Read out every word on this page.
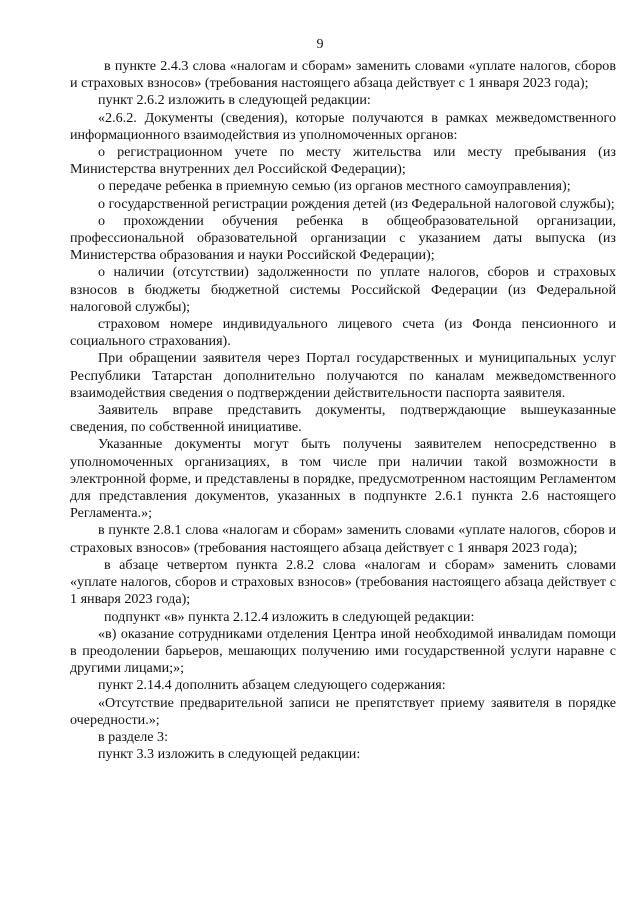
9

в пункте 2.4.3 слова «налогам и сборам» заменить словами «уплате налогов, сборов и страховых взносов» (требования настоящего абзаца действует с 1 января 2023 года);

пункт 2.6.2 изложить в следующей редакции:

«2.6.2. Документы (сведения), которые получаются в рамках межведомственного информационного взаимодействия из уполномоченных органов:

о регистрационном учете по месту жительства или месту пребывания (из Министерства внутренних дел Российской Федерации);

о передаче ребенка в приемную семью (из органов местного самоуправления);

о государственной регистрации рождения детей (из Федеральной налоговой службы);

о прохождении обучения ребенка в общеобразовательной организации, профессиональной образовательной организации с указанием даты выпуска (из Министерства образования и науки Российской Федерации);

о наличии (отсутствии) задолженности по уплате налогов, сборов и страховых взносов в бюджеты бюджетной системы Российской Федерации (из Федеральной налоговой службы);

страховом номере индивидуального лицевого счета (из Фонда пенсионного и социального страхования).

При обращении заявителя через Портал государственных и муниципальных услуг Республики Татарстан дополнительно получаются по каналам межведомственного взаимодействия сведения о подтверждении действительности паспорта заявителя.

Заявитель вправе представить документы, подтверждающие вышеуказанные сведения, по собственной инициативе.

Указанные документы могут быть получены заявителем непосредственно в уполномоченных организациях, в том числе при наличии такой возможности в электронной форме, и представлены в порядке, предусмотренном настоящим Регламентом для представления документов, указанных в подпункте 2.6.1 пункта 2.6 настоящего Регламента.»;

в пункте 2.8.1 слова «налогам и сборам» заменить словами «уплате налогов, сборов и страховых взносов» (требования настоящего абзаца действует с 1 января 2023 года);

в абзаце четвертом пункта 2.8.2 слова «налогам и сборам» заменить словами «уплате налогов, сборов и страховых взносов» (требования настоящего абзаца действует с 1 января 2023 года);

подпункт «в» пункта 2.12.4 изложить в следующей редакции:

«в) оказание сотрудниками отделения Центра иной необходимой инвалидам помощи в преодолении барьеров, мешающих получению ими государственной услуги наравне с другими лицами;»;

пункт 2.14.4 дополнить абзацем следующего содержания:

«Отсутствие предварительной записи не препятствует приему заявителя в порядке очередности.»;

в разделе 3:

пункт 3.3 изложить в следующей редакции:
